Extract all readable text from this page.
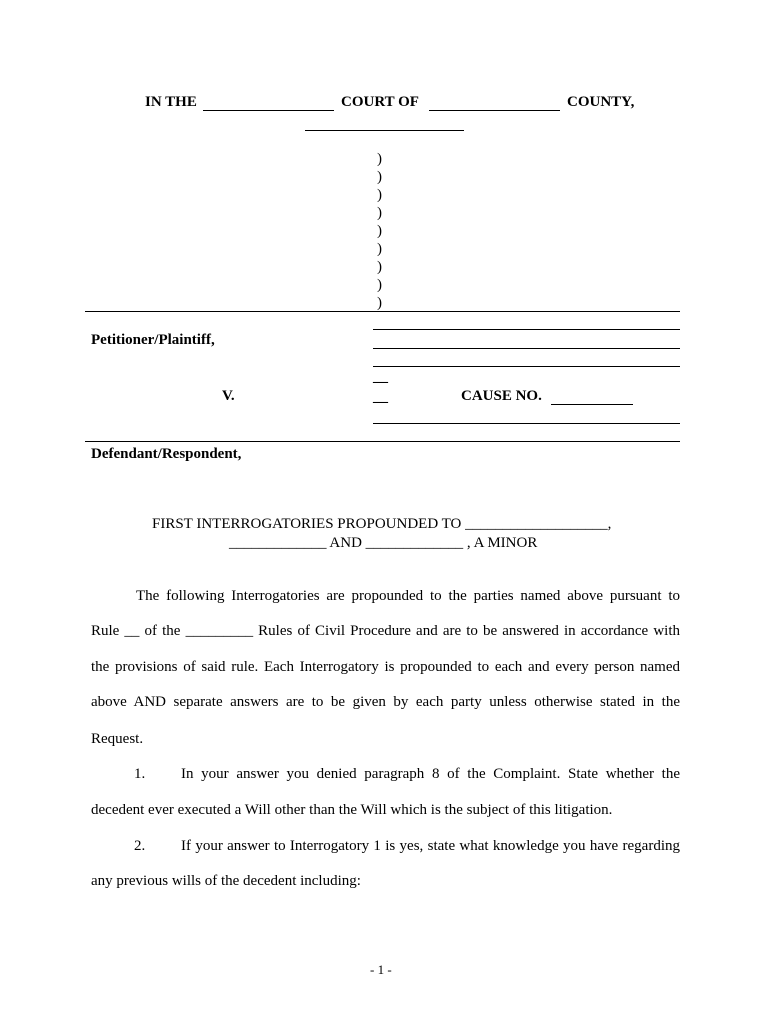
IN THE	COURT OF	COUNTY,
)
)
)
)
)
)
)
)
)
Petitioner/Plaintiff,
__
V.	__	CAUSE NO.
Defendant/Respondent,
FIRST INTERROGATORIES PROPOUNDED TO ___________________,
_____________ AND _____________ , A MINOR
The following Interrogatories are propounded to the parties named above pursuant to
Rule __ of the _________ Rules of Civil Procedure and are to be answered in accordance with
the provisions of said rule. Each Interrogatory is propounded to each and every person named
above AND separate answers are to be given by each party unless otherwise stated in the
Request.
1. In your answer you denied paragraph 8 of the Complaint. State whether the
decedent ever executed a Will other than the Will which is the subject of this litigation.
2. If your answer to Interrogatory 1 is yes, state what knowledge you have regarding
any previous wills of the decedent including:
- 1 -
